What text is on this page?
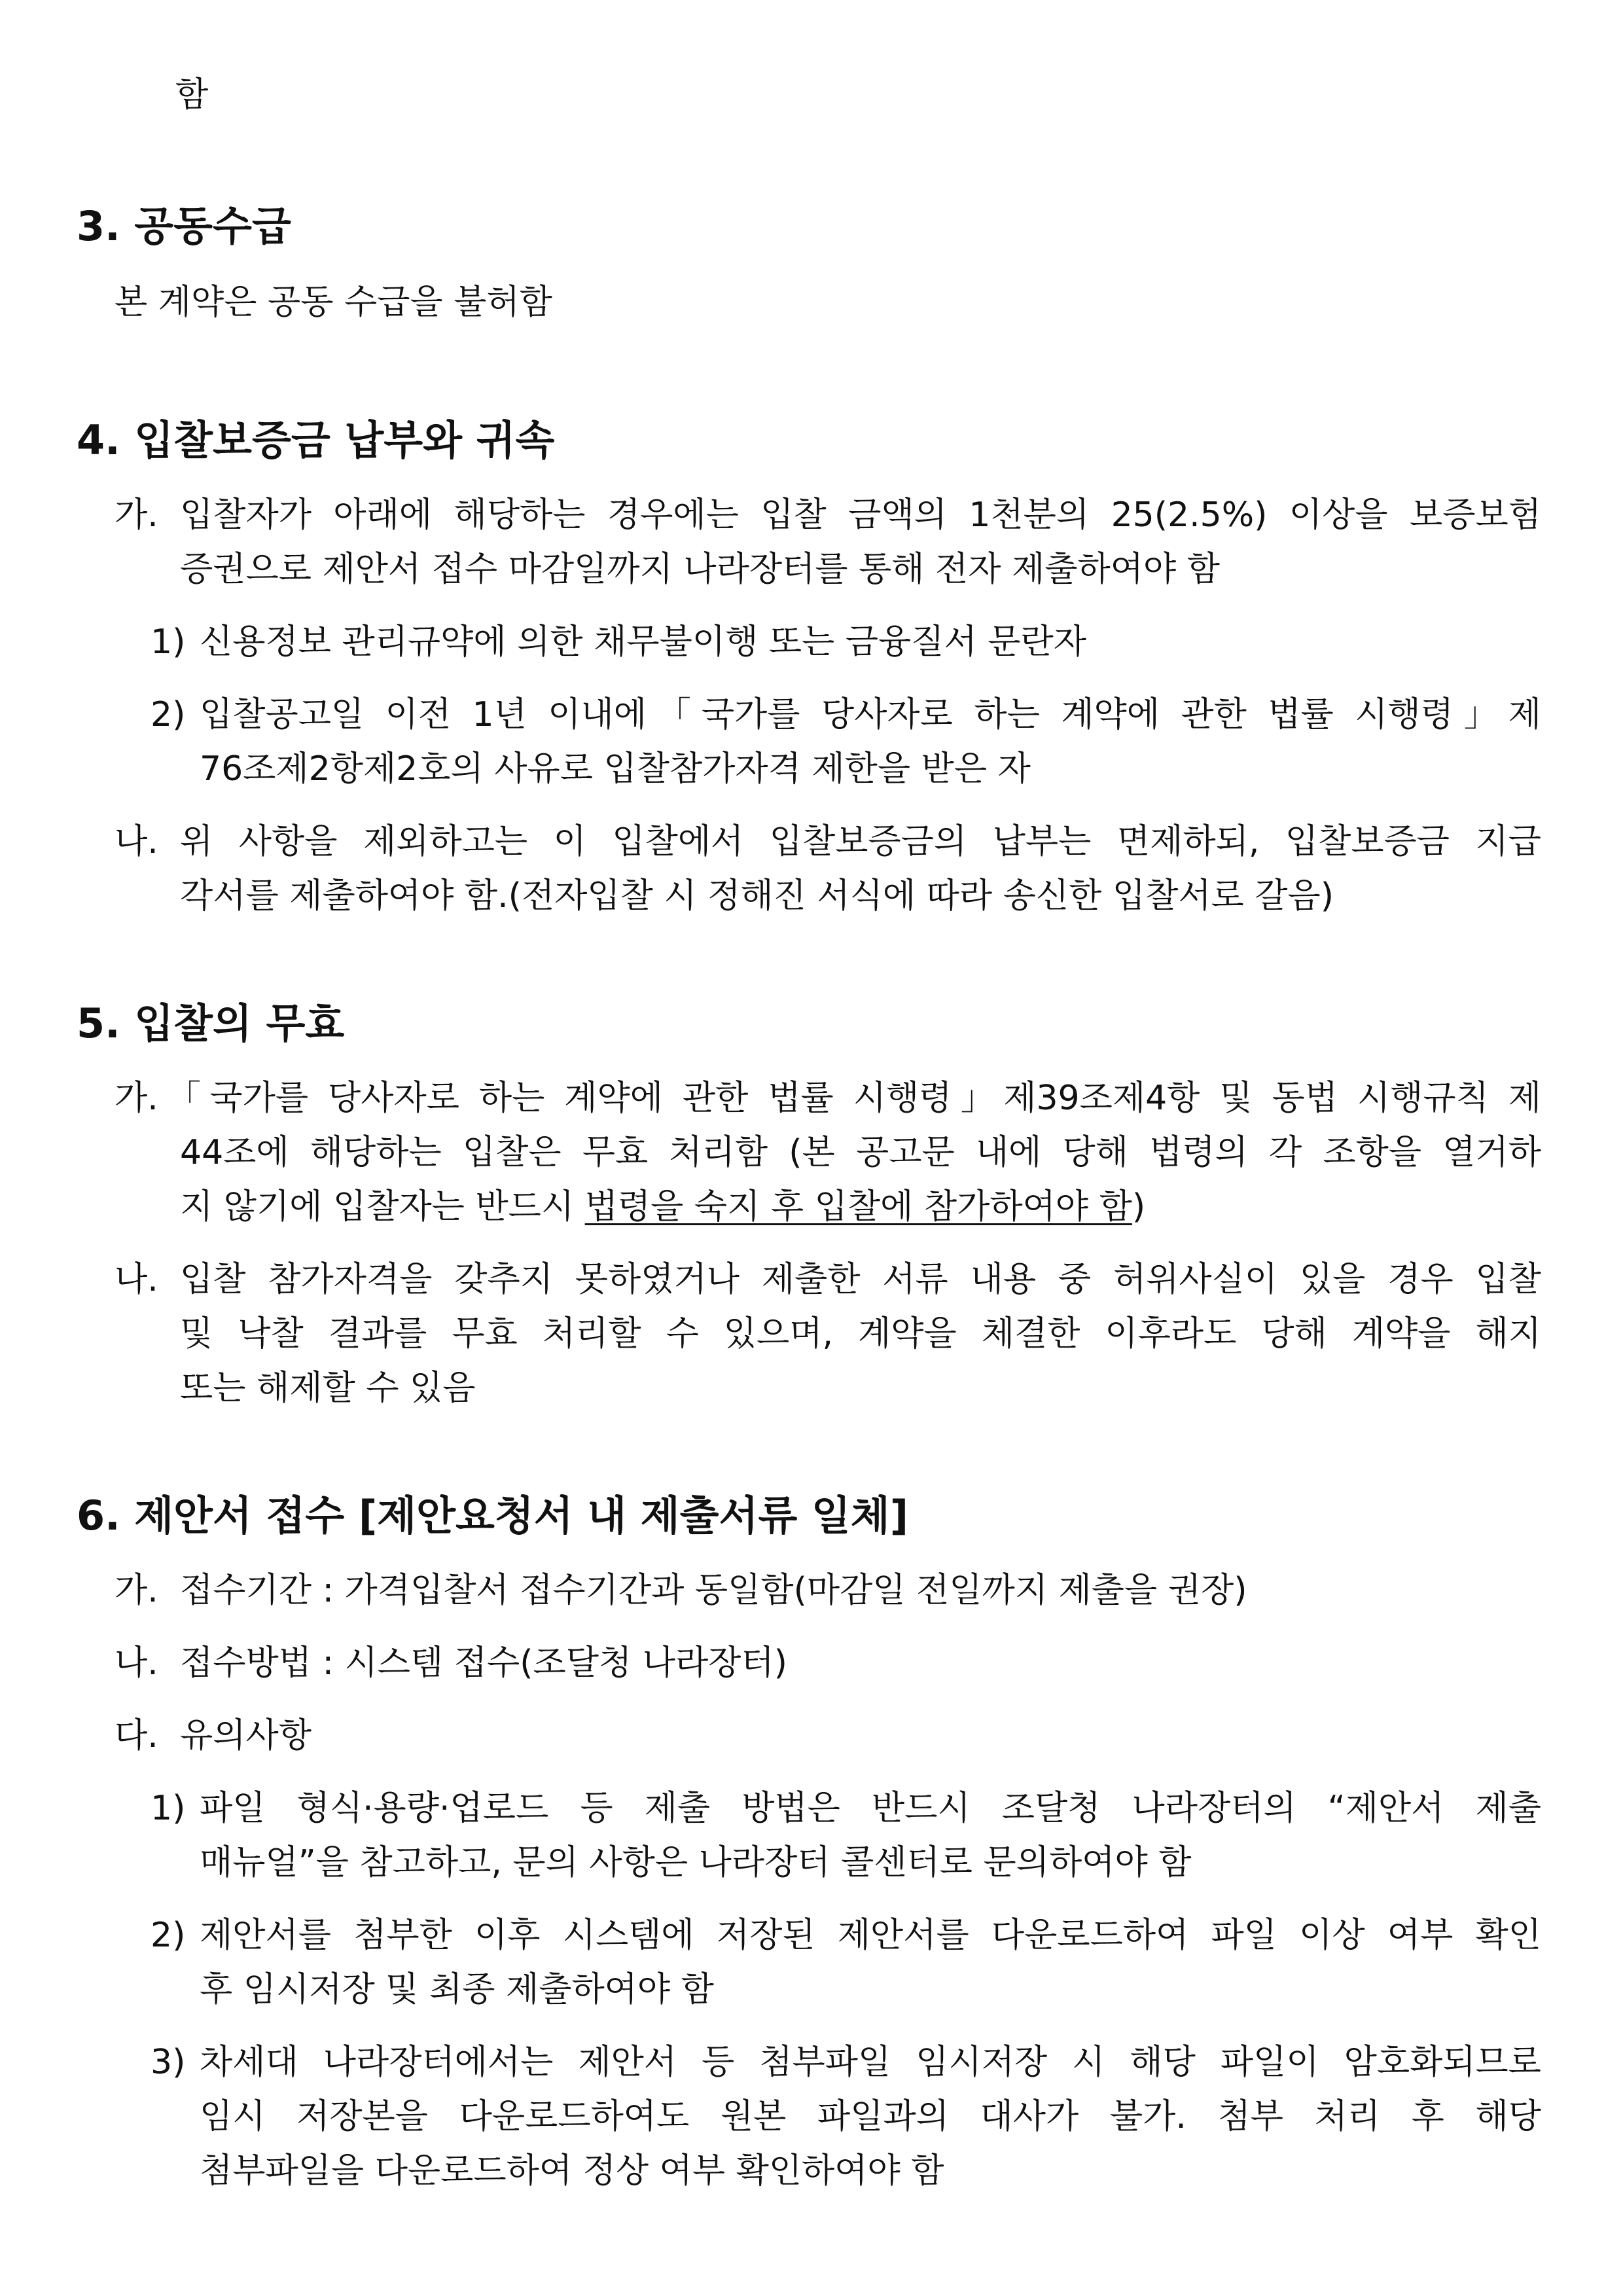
함
3. 공동수급
본 계약은 공동 수급을 불허함
4. 입찰보증금 납부와 귀속
가. 입찰자가 아래에 해당하는 경우에는 입찰 금액의 1천분의 25(2.5%) 이상을 보증보험
증권으로 제안서 접수 마감일까지 나라장터를 통해 전자 제출하여야 함
1) 신용정보 관리규약에 의한 채무불이행 또는 금융질서 문란자
2) 입찰공고일 이전 1년 이내에「국가를 당사자로 하는 계약에 관한 법률 시행령」제
76조제2항제2호의 사유로 입찰참가자격 제한을 받은 자
나. 위 사항을 제외하고는 이 입찰에서 입찰보증금의 납부는 면제하되, 입찰보증금 지급
각서를 제출하여야 함.(전자입찰 시 정해진 서식에 따라 송신한 입찰서로 갈음)
5. 입찰의 무효
가. 「국가를 당사자로 하는 계약에 관한 법률 시행령」제39조제4항 및 동법 시행규칙 제
44조에 해당하는 입찰은 무효 처리함 (본 공고문 내에 당해 법령의 각 조항을 열거하
지 않기에 입찰자는 반드시 법령을 숙지 후 입찰에 참가하여야 함)
나. 입찰 참가자격을 갖추지 못하였거나 제출한 서류 내용 중 허위사실이 있을 경우 입찰
및 낙찰 결과를 무효 처리할 수 있으며, 계약을 체결한 이후라도 당해 계약을 해지
또는 해제할 수 있음
6. 제안서 접수 [제안요청서 내 제출서류 일체]
가. 접수기간 : 가격입찰서 접수기간과 동일함(마감일 전일까지 제출을 권장)
나. 접수방법 : 시스템 접수(조달청 나라장터)
다. 유의사항
1) 파일 형식·용량·업로드 등 제출 방법은 반드시 조달청 나라장터의 “제안서 제출
매뉴얼”을 참고하고, 문의 사항은 나라장터 콜센터로 문의하여야 함
2) 제안서를 첨부한 이후 시스템에 저장된 제안서를 다운로드하여 파일 이상 여부 확인
후 임시저장 및 최종 제출하여야 함
3) 차세대 나라장터에서는 제안서 등 첨부파일 임시저장 시 해당 파일이 암호화되므로
임시 저장본을 다운로드하여도 원본 파일과의 대사가 불가. 첨부 처리 후 해당
첨부파일을 다운로드하여 정상 여부 확인하여야 함
